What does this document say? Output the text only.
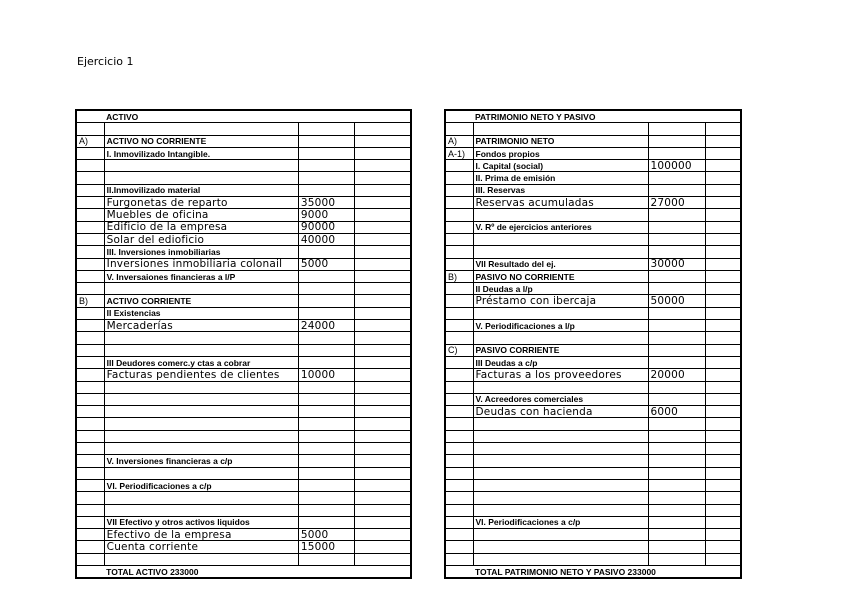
Ejercicio 1
	ACTIVO		

A)	ACTIVO NO CORRIENTE		
	I. Inmovilizado Intangible.		

	II.Inmovilizado material		
	Furgonetas de reparto	35000	
	Muebles de oficina	9000	
	Edificio de la empresa	90000	
	Solar del edioficio	40000	
	III. Inversiones inmobiliarias		
	Inversiones inmobiliaria colonail	5000	
	V. Inversaiones financieras a l/P		

B)	ACTIVO CORRIENTE		
	II Existencias		
	Mercaderías	24000	

	III Deudores comerc.y ctas a cobrar		
	Facturas pendientes de clientes	10000	

	V. Inversiones financieras a c/p		

	VI. Periodificaciones a c/p		

	VII Efectivo y otros activos liquidos		
	Efectivo de la empresa	5000	
	Cuenta corriente	15000	

	TOTAL ACTIVO 233000		
	PATRIMONIO NETO Y PASIVO		

A)	PATRIMONIO NETO		
A-1)	Fondos propios		
	I. Capital (social)	100000	
	II. Prima de emisión		
	III. Reservas		
	Reservas acumuladas	27000	

	V. Rº de ejercicios anteriores		

	VII Resultado del ej.	30000	
B)	PASIVO NO CORRIENTE		
	II Deudas a l/p		
	Préstamo con ibercaja	50000	

	V. Periodificaciones a l/p		

C)	PASIVO CORRIENTE		
	III Deudas a c/p		
	Facturas a los proveedores	20000	

	V. Acreedores comerciales		
	Deudas con hacienda	6000	

	VI. Periodificaciones a c/p		

	TOTAL PATRIMONIO NETO Y PASIVO 233000		
